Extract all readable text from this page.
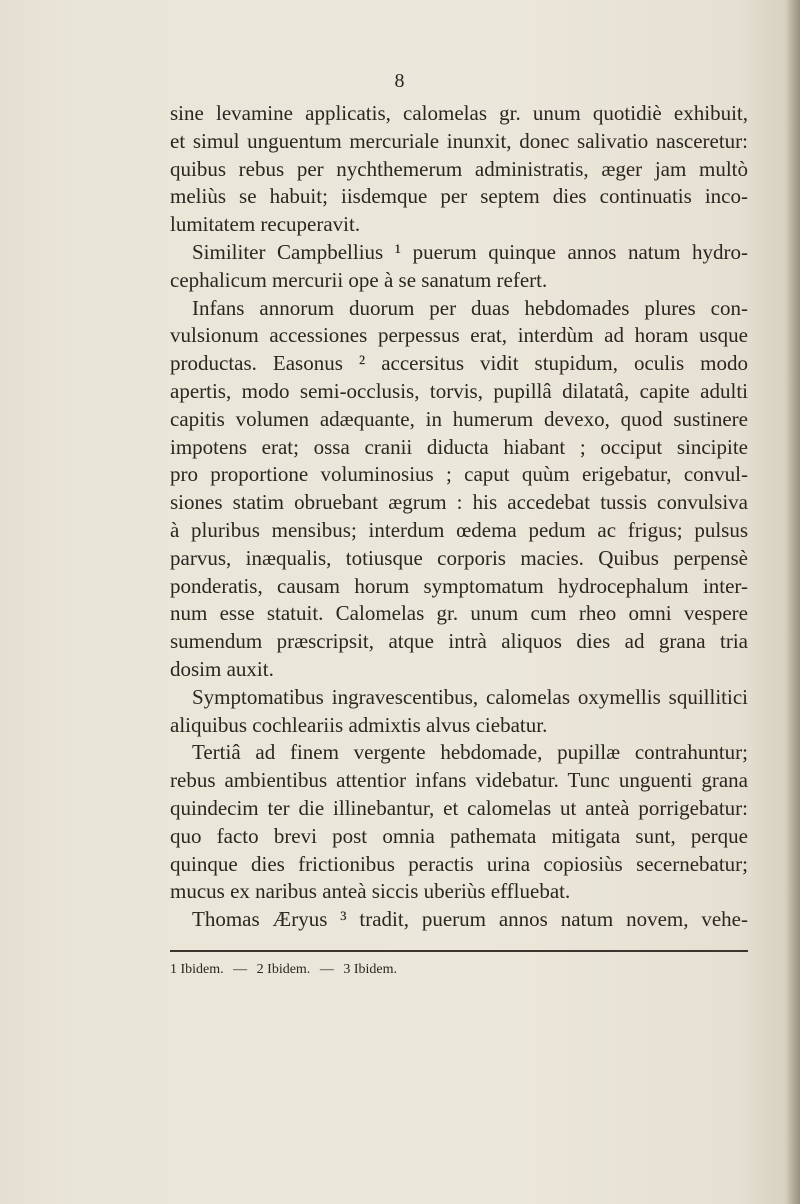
8
sine levamine applicatis, calomelas gr. unum quotidiè exhibuit,
et simul unguentum mercuriale inunxit, donec salivatio nasceretur:
quibus rebus per nychthemerum administratis, æger jam multò
meliùs se habuit; iisdemque per septem dies continuatis inco-
lumitatem recuperavit.
Similiter Campbellius ¹ puerum quinque annos natum hydro-
cephalicum mercurii ope à se sanatum refert.
Infans annorum duorum per duas hebdomades plures con-
vulsionum accessiones perpessus erat, interdùm ad horam usque
productas. Easonus ² accersitus vidit stupidum, oculis modo
apertis, modo semi-occlusis, torvis, pupillâ dilatatâ, capite adulti
capitis volumen adæquante, in humerum devexo, quod sustinere
impotens erat; ossa cranii diducta hiabant ; occiput sincipite
pro proportione voluminosius ; caput quùm erigebatur, convul-
siones statim obruebant ægrum : his accedebat tussis convulsiva
à pluribus mensibus; interdum œdema pedum ac frigus; pulsus
parvus, inæqualis, totiusque corporis macies. Quibus perpensè
ponderatis, causam horum symptomatum hydrocephalum inter-
num esse statuit. Calomelas gr. unum cum rheo omni vespere
sumendum præscripsit, atque intrà aliquos dies ad grana tria
dosim auxit.
Symptomatibus ingravescentibus, calomelas oxymellis squillitici
aliquibus cochleariis admixtis alvus ciebatur.
Tertiâ ad finem vergente hebdomade, pupillæ contrahuntur;
rebus ambientibus attentior infans videbatur. Tunc unguenti grana
quindecim ter die illinebantur, et calomelas ut anteà porrigebatur:
quo facto brevi post omnia pathemata mitigata sunt, perque
quinque dies frictionibus peractis urina copiosiùs secernebatur;
mucus ex naribus anteà siccis uberiùs effluebat.
Thomas Æryus ³ tradit, puerum annos natum novem, vehe-
1 Ibidem. — 2 Ibidem. — 3 Ibidem.
